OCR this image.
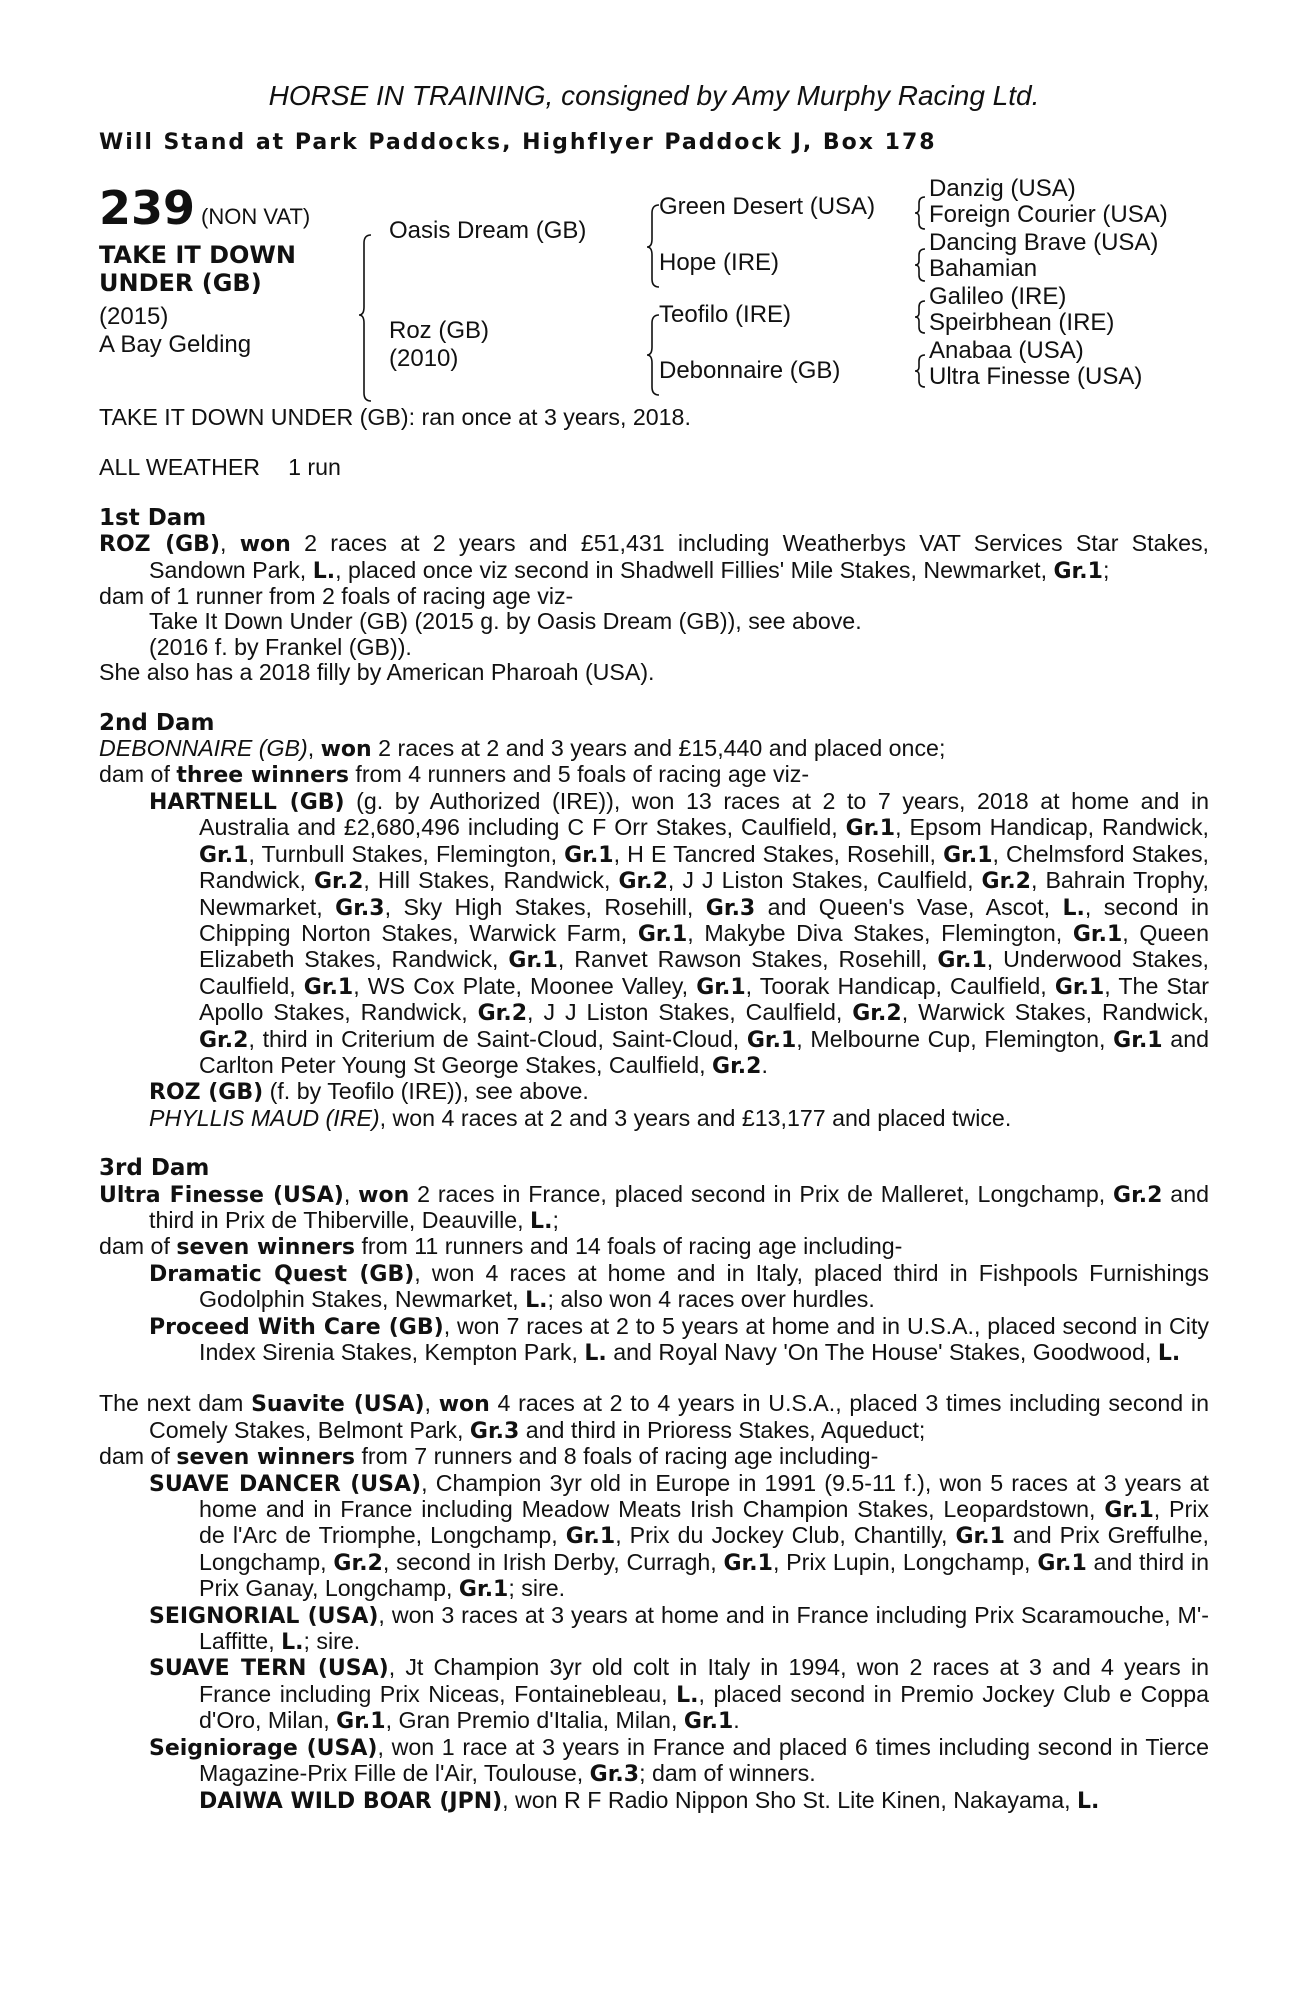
HORSE IN TRAINING, consigned by Amy Murphy Racing Ltd.
Will Stand at Park Paddocks, Highflyer Paddock J, Box 178
239 (NON VAT)
TAKE IT DOWN
UNDER (GB)
(2015)
A Bay Gelding
Oasis Dream (GB)
Roz (GB)
(2010)
Green Desert (USA)
Hope (IRE)
Teofilo (IRE)
Debonnaire (GB)
Danzig (USA)
Foreign Courier (USA)
Dancing Brave (USA)
Bahamian
Galileo (IRE)
Speirbhean (IRE)
Anabaa (USA)
Ultra Finesse (USA)
TAKE IT DOWN UNDER (GB): ran once at 3 years, 2018.
ALL WEATHER 1 run
1st Dam
ROZ (GB), won 2 races at 2 years and £51,431 including Weatherbys VAT Services Star Stakes, Sandown Park, L., placed once viz second in Shadwell Fillies' Mile Stakes, Newmarket, Gr.1;
dam of 1 runner from 2 foals of racing age viz-
Take It Down Under (GB) (2015 g. by Oasis Dream (GB)), see above.
(2016 f. by Frankel (GB)).
She also has a 2018 filly by American Pharoah (USA).
2nd Dam
DEBONNAIRE (GB), won 2 races at 2 and 3 years and £15,440 and placed once;
dam of three winners from 4 runners and 5 foals of racing age viz-
HARTNELL (GB) (g. by Authorized (IRE)), won 13 races at 2 to 7 years, 2018 at home and in Australia and £2,680,496 including C F Orr Stakes, Caulfield, Gr.1, Epsom Handicap, Randwick, Gr.1, Turnbull Stakes, Flemington, Gr.1, H E Tancred Stakes, Rosehill, Gr.1, Chelmsford Stakes, Randwick, Gr.2, Hill Stakes, Randwick, Gr.2, J J Liston Stakes, Caulfield, Gr.2, Bahrain Trophy, Newmarket, Gr.3, Sky High Stakes, Rosehill, Gr.3 and Queen's Vase, Ascot, L., second in Chipping Norton Stakes, Warwick Farm, Gr.1, Makybe Diva Stakes, Flemington, Gr.1, Queen Elizabeth Stakes, Randwick, Gr.1, Ranvet Rawson Stakes, Rosehill, Gr.1, Underwood Stakes, Caulfield, Gr.1, WS Cox Plate, Moonee Valley, Gr.1, Toorak Handicap, Caulfield, Gr.1, The Star Apollo Stakes, Randwick, Gr.2, J J Liston Stakes, Caulfield, Gr.2, Warwick Stakes, Randwick, Gr.2, third in Criterium de Saint-Cloud, Saint-Cloud, Gr.1, Melbourne Cup, Flemington, Gr.1 and Carlton Peter Young St George Stakes, Caulfield, Gr.2.
ROZ (GB) (f. by Teofilo (IRE)), see above.
PHYLLIS MAUD (IRE), won 4 races at 2 and 3 years and £13,177 and placed twice.
3rd Dam
Ultra Finesse (USA), won 2 races in France, placed second in Prix de Malleret, Longchamp, Gr.2 and third in Prix de Thiberville, Deauville, L.;
dam of seven winners from 11 runners and 14 foals of racing age including-
Dramatic Quest (GB), won 4 races at home and in Italy, placed third in Fishpools Furnishings Godolphin Stakes, Newmarket, L.; also won 4 races over hurdles.
Proceed With Care (GB), won 7 races at 2 to 5 years at home and in U.S.A., placed second in City Index Sirenia Stakes, Kempton Park, L. and Royal Navy 'On The House' Stakes, Goodwood, L.
The next dam Suavite (USA), won 4 races at 2 to 4 years in U.S.A., placed 3 times including second in Comely Stakes, Belmont Park, Gr.3 and third in Prioress Stakes, Aqueduct;
dam of seven winners from 7 runners and 8 foals of racing age including-
SUAVE DANCER (USA), Champion 3yr old in Europe in 1991 (9.5-11 f.), won 5 races at 3 years at home and in France including Meadow Meats Irish Champion Stakes, Leopardstown, Gr.1, Prix de l'Arc de Triomphe, Longchamp, Gr.1, Prix du Jockey Club, Chantilly, Gr.1 and Prix Greffulhe, Longchamp, Gr.2, second in Irish Derby, Curragh, Gr.1, Prix Lupin, Longchamp, Gr.1 and third in Prix Ganay, Longchamp, Gr.1; sire.
SEIGNORIAL (USA), won 3 races at 3 years at home and in France including Prix Scaramouche, M'-Laffitte, L.; sire.
SUAVE TERN (USA), Jt Champion 3yr old colt in Italy in 1994, won 2 races at 3 and 4 years in France including Prix Niceas, Fontainebleau, L., placed second in Premio Jockey Club e Coppa d'Oro, Milan, Gr.1, Gran Premio d'Italia, Milan, Gr.1.
Seigniorage (USA), won 1 race at 3 years in France and placed 6 times including second in Tierce Magazine-Prix Fille de l'Air, Toulouse, Gr.3; dam of winners.
DAIWA WILD BOAR (JPN), won R F Radio Nippon Sho St. Lite Kinen, Nakayama, L.
